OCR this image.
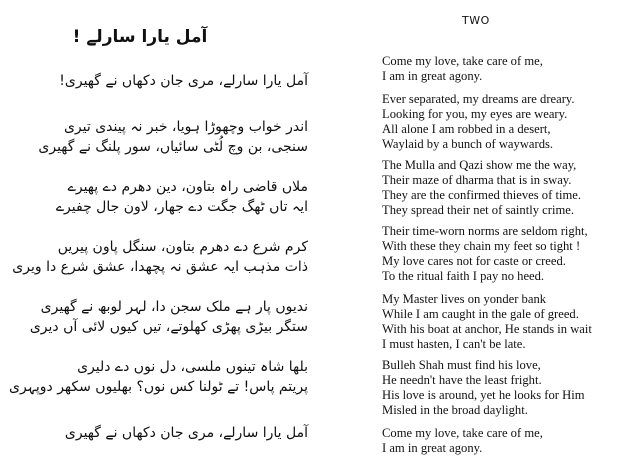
آمل یارا سارلے !
آمل یارا سارلے، مری جان دکھاں نے گھیری!
اندر خواب وچھوڑا ہویا، خبر نہ پیندی تیری
سنجی، بن وچ لُٹی سائیاں، سور پلنگ نے گھیری
ملاں قاضی راہ بتاون، دین دھرم دے پھیرے
ایہ تاں ٹھگ جگت دے جھار، لاون جال چفیرے
کرم شرع دے دھرم بتاون، سنگل پاون پیریں
ذات مذہب ایہ عشق نہ پچھدا، عشق شرع دا ویری
ندیوں پار ہے ملک سجن دا، لہر لوبھ نے گھیری
ستگر بیڑی پھڑی کھلوتے، تیں کیوں لائی آں دیری
بلھا شاہ تینوں ملسی، دل نوں دے دلیری
پریتم پاس! تے ٹولنا کس نوں؟ بھلیوں سکھر دوپہری
آمل یارا سارلے، مری جان دکھاں نے گھیری
TWO
Come my love, take care of me,
I am in great agony.
Ever separated, my dreams are dreary.
Looking for you, my eyes are weary.
All alone I am robbed in a desert,
Waylaid by a bunch of waywards.
The Mulla and Qazi show me the way,
Their maze of dharma that is in sway.
They are the confirmed thieves of time.
They spread their net of saintly crime.
Their time-worn norms are seldom right,
With these they chain my feet so tight !
My love cares not for caste or creed.
To the ritual faith I pay no heed.
My Master lives on yonder bank
While I am caught in the gale of greed.
With his boat at anchor, He stands in wait
I must hasten, I can't be late.
Bulleh Shah must find his love,
He needn't have the least fright.
His love is around, yet he looks for Him
Misled in the broad daylight.
Come my love, take care of me,
I am in great agony.
